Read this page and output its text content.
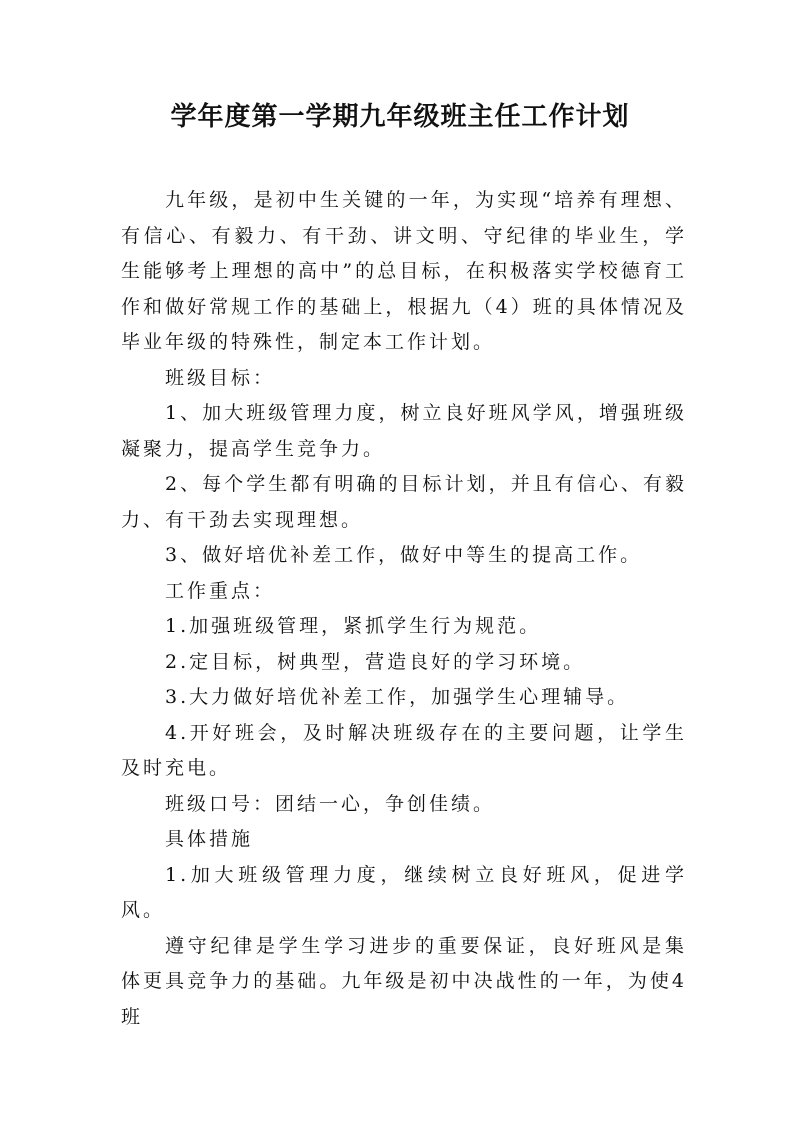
学年度第一学期九年级班主任工作计划

九年级，是初中生关键的一年，为实现“培养有理想、有信心、有毅力、有干劲、讲文明、守纪律的毕业生，学生能够考上理想的高中”的总目标，在积极落实学校德育工作和做好常规工作的基础上，根据九（4）班的具体情况及毕业年级的特殊性，制定本工作计划。

班级目标：

1、加大班级管理力度，树立良好班风学风，增强班级凝聚力，提高学生竞争力。

2、每个学生都有明确的目标计划，并且有信心、有毅力、有干劲去实现理想。

3、做好培优补差工作，做好中等生的提高工作。

工作重点：

1.加强班级管理，紧抓学生行为规范。

2.定目标，树典型，营造良好的学习环境。

3.大力做好培优补差工作，加强学生心理辅导。

4.开好班会，及时解决班级存在的主要问题，让学生及时充电。

班级口号：团结一心，争创佳绩。

具体措施

1.加大班级管理力度，继续树立良好班风，促进学风。

遵守纪律是学生学习进步的重要保证，良好班风是集体更具竞争力的基础。九年级是初中决战性的一年，为使4班
